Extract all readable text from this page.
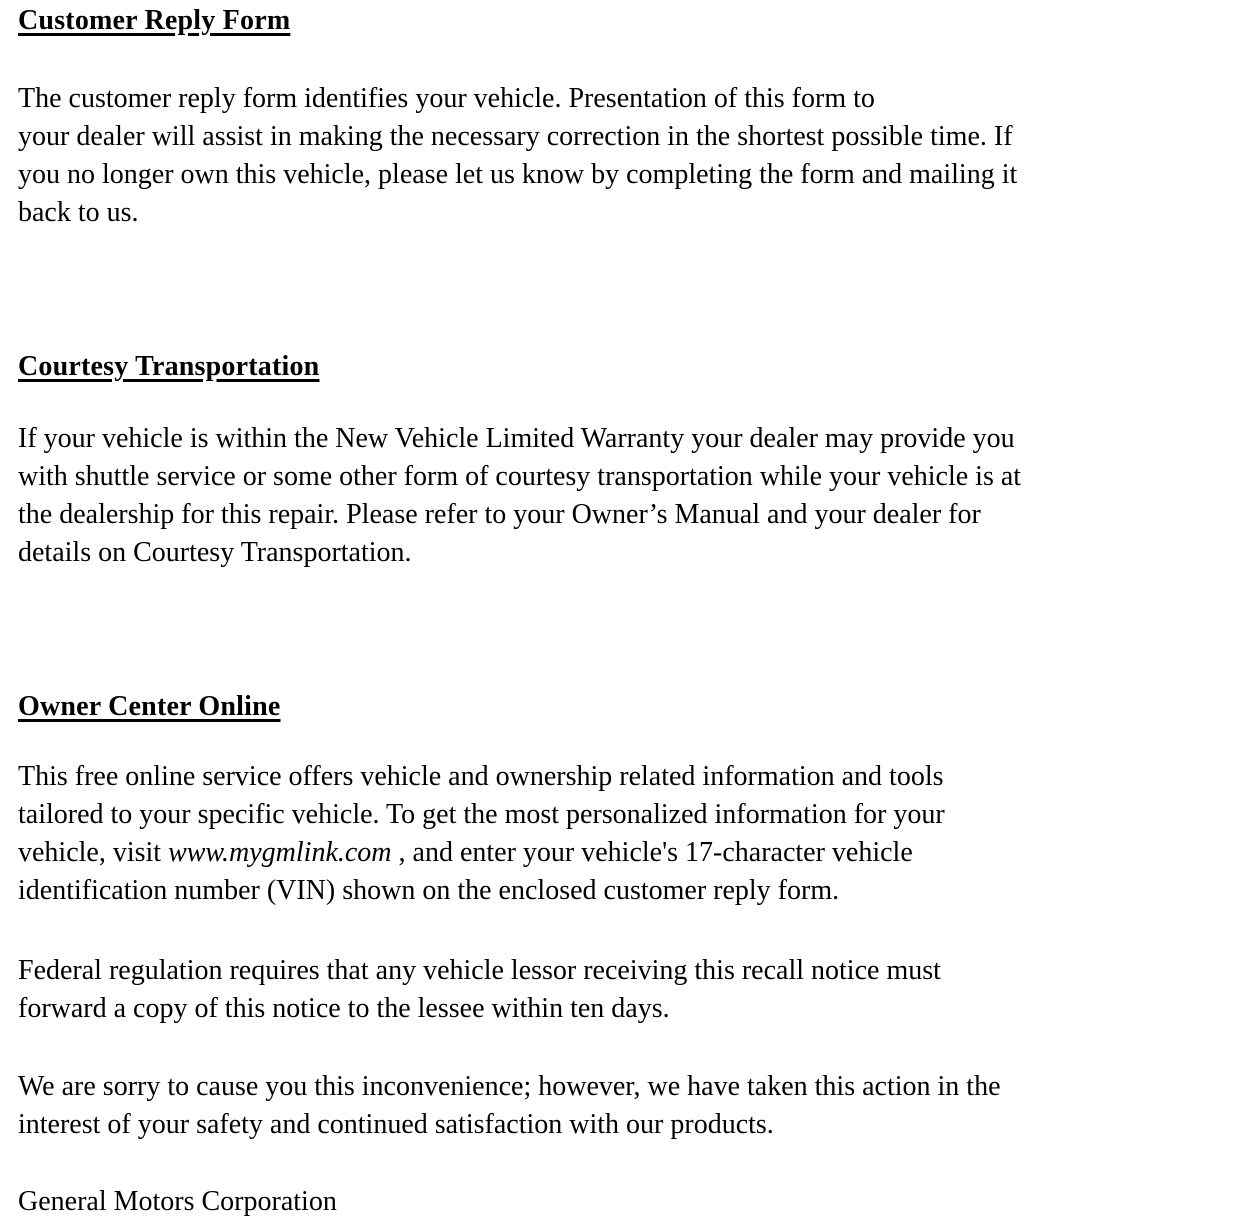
Customer Reply Form
The customer reply form identifies your vehicle. Presentation of this form to
your dealer will assist in making the necessary correction in the shortest possible time. If
you no longer own this vehicle, please let us know by completing the form and mailing it
back to us.
Courtesy Transportation
If your vehicle is within the New Vehicle Limited Warranty your dealer may provide you
with shuttle service or some other form of courtesy transportation while your vehicle is at
the dealership for this repair. Please refer to your Owner’s Manual and your dealer for
details on Courtesy Transportation.
Owner Center Online
This free online service offers vehicle and ownership related information and tools
tailored to your specific vehicle. To get the most personalized information for your
vehicle, visit www.mygmlink.com , and enter your vehicle's 17-character vehicle
identification number (VIN) shown on the enclosed customer reply form.
Federal regulation requires that any vehicle lessor receiving this recall notice must
forward a copy of this notice to the lessee within ten days.
We are sorry to cause you this inconvenience; however, we have taken this action in the
interest of your safety and continued satisfaction with our products.
General Motors Corporation
